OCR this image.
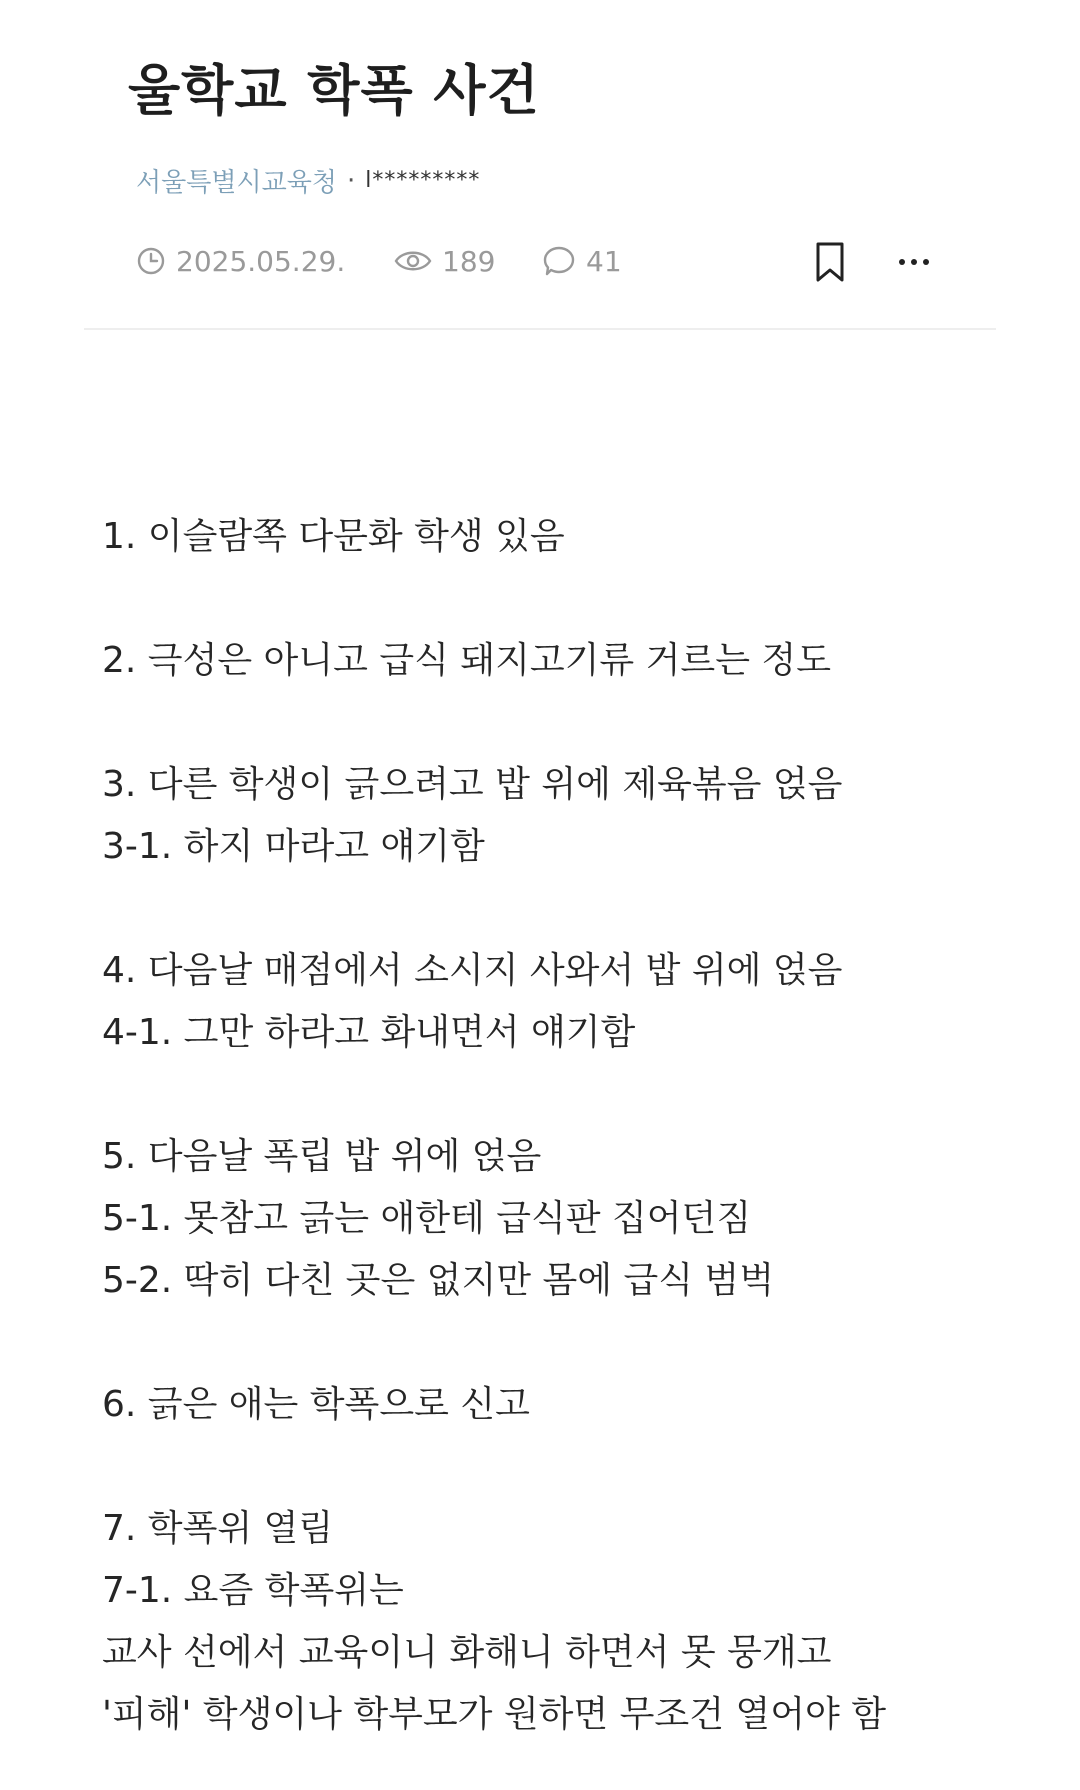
울학교 학폭 사건
서울특별시교육청 · l*********
2025.05.29.	189	41
1. 이슬람쪽 다문화 학생 있음
2. 극성은 아니고 급식 돼지고기류 거르는 정도
3. 다른 학생이 긁으려고 밥 위에 제육볶음 얹음
3-1. 하지 마라고 얘기함
4. 다음날 매점에서 소시지 사와서 밥 위에 얹음
4-1. 그만 하라고 화내면서 얘기함
5. 다음날 폭립 밥 위에 얹음
5-1. 못참고 긁는 애한테 급식판 집어던짐
5-2. 딱히 다친 곳은 없지만 몸에 급식 범벅
6. 긁은 애는 학폭으로 신고
7. 학폭위 열림
7-1. 요즘 학폭위는
교사 선에서 교육이니 화해니 하면서 못 뭉개고
'피해' 학생이나 학부모가 원하면 무조건 열어야 함
